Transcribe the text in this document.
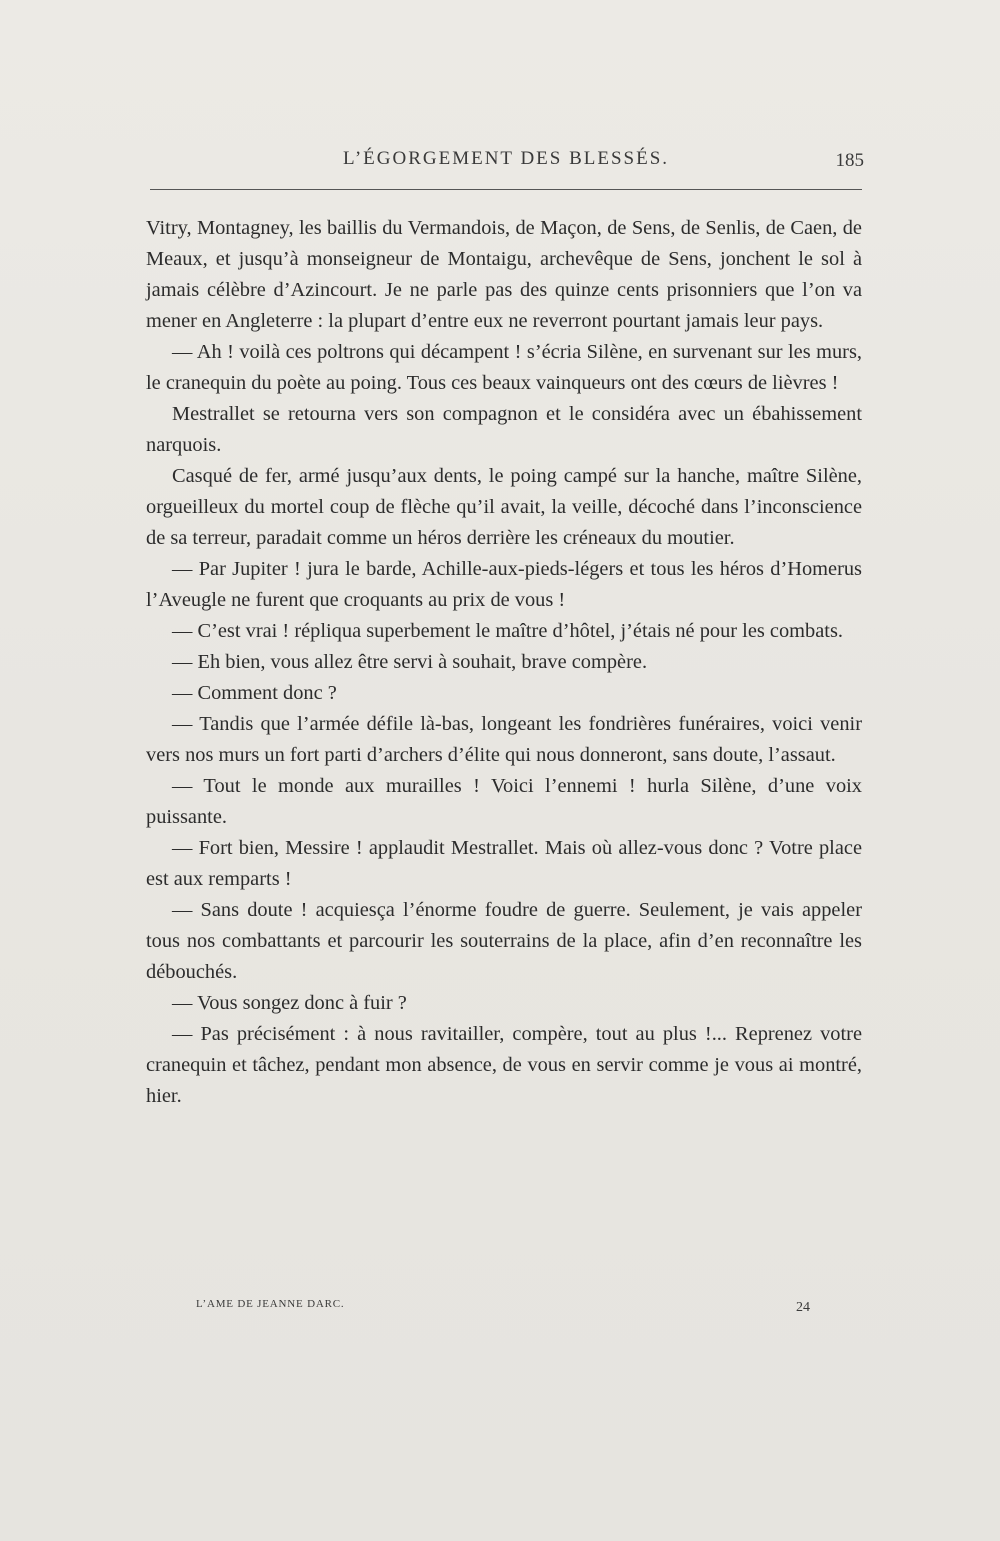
L’ÉGORGEMENT DES BLESSÉS.	185

Vitry, Montagney, les baillis du Vermandois, de Maçon, de Sens, de Senlis, de Caen, de Meaux, et jusqu’à monseigneur de Montaigu, archevêque de Sens, jonchent le sol à jamais célèbre d’Azincourt. Je ne parle pas des quinze cents prisonniers que l’on va mener en Angleterre : la plupart d’entre eux ne reverront pourtant jamais leur pays.

— Ah ! voilà ces poltrons qui décampent ! s’écria Silène, en survenant sur les murs, le cranequin du poète au poing. Tous ces beaux vainqueurs ont des cœurs de lièvres !

Mestrallet se retourna vers son compagnon et le considéra avec un ébahissement narquois.

Casqué de fer, armé jusqu’aux dents, le poing campé sur la hanche, maître Silène, orgueilleux du mortel coup de flèche qu’il avait, la veille, décoché dans l’inconscience de sa terreur, paradait comme un héros derrière les créneaux du moutier.

— Par Jupiter ! jura le barde, Achille-aux-pieds-légers et tous les héros d’Homerus l’Aveugle ne furent que croquants au prix de vous !

— C’est vrai ! répliqua superbement le maître d’hôtel, j’étais né pour les combats.

— Eh bien, vous allez être servi à souhait, brave compère.

— Comment donc ?

— Tandis que l’armée défile là-bas, longeant les fondrières funéraires, voici venir vers nos murs un fort parti d’archers d’élite qui nous donneront, sans doute, l’assaut.

— Tout le monde aux murailles ! Voici l’ennemi ! hurla Silène, d’une voix puissante.

— Fort bien, Messire ! applaudit Mestrallet. Mais où allez-vous donc ? Votre place est aux remparts !

— Sans doute ! acquiesça l’énorme foudre de guerre. Seulement, je vais appeler tous nos combattants et parcourir les souterrains de la place, afin d’en reconnaître les débouchés.

— Vous songez donc à fuir ?

— Pas précisément : à nous ravitailler, compère, tout au plus !... Reprenez votre cranequin et tâchez, pendant mon absence, de vous en servir comme je vous ai montré, hier.

L’AME DE JEANNE DARC.	24
